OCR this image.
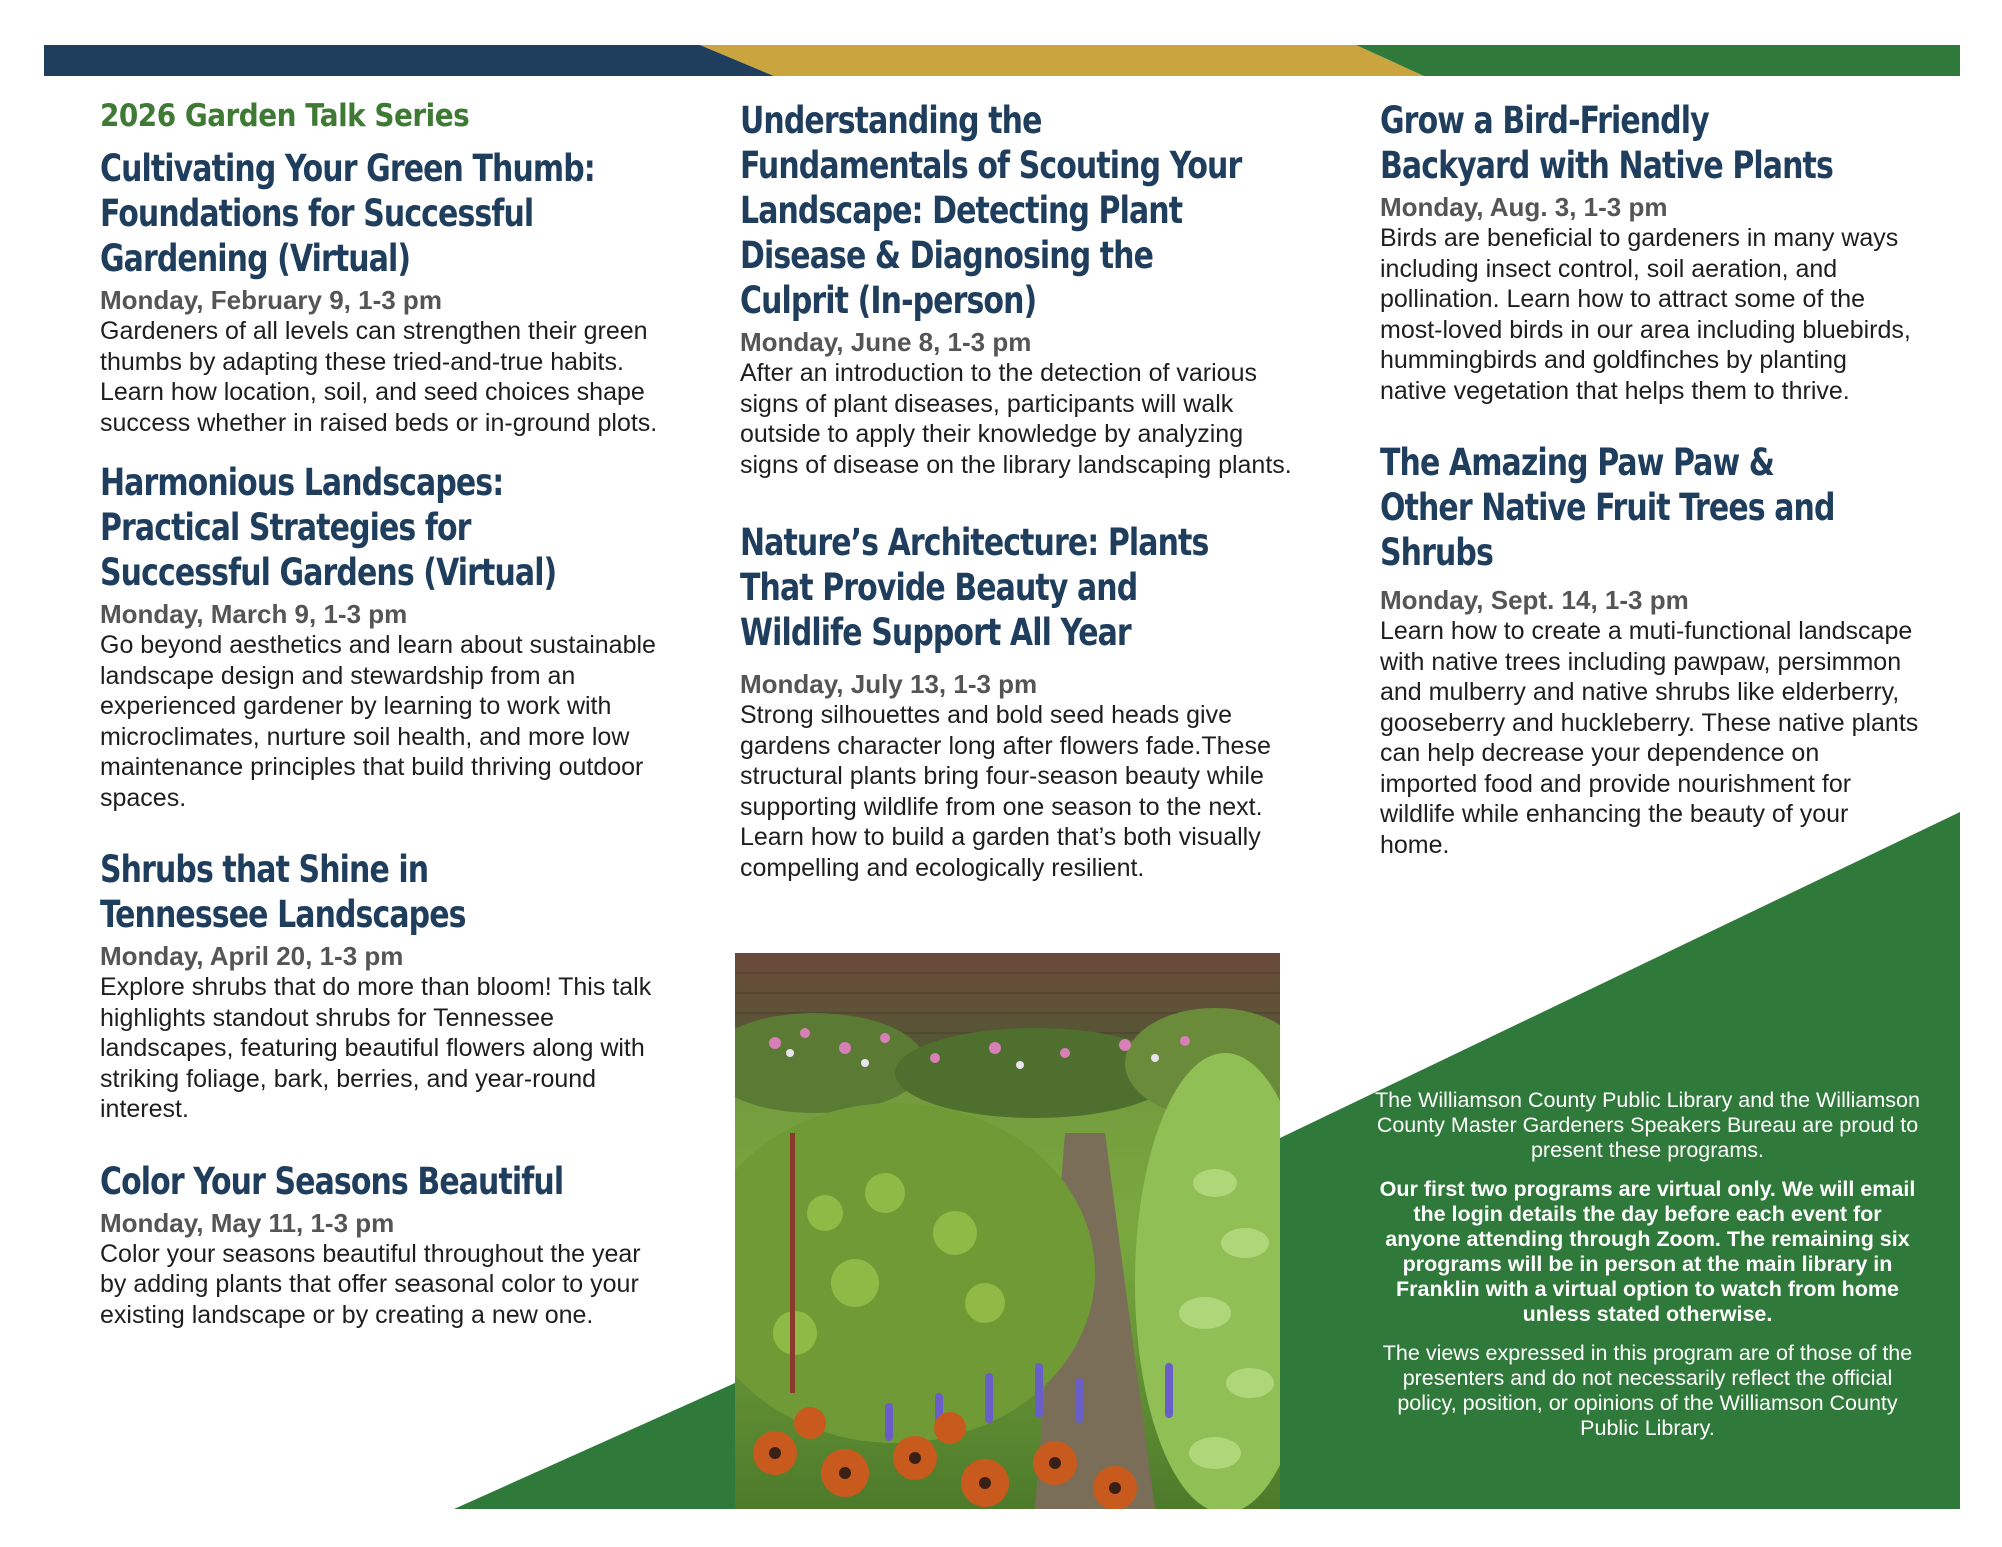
2026 Garden Talk Series
Cultivating Your Green Thumb: Foundations for Successful Gardening (Virtual)
Monday, February 9, 1-3 pm

Gardeners of all levels can strengthen their green thumbs by adapting these tried-and-true habits. Learn how location, soil, and seed choices shape success whether in raised beds or in-ground plots.

Harmonious Landscapes: Practical Strategies for Successful Gardens (Virtual)
Monday, March 9, 1-3 pm

Go beyond aesthetics and learn about sustainable landscape design and stewardship from an experienced gardener by learning to work with microclimates, nurture soil health, and more low maintenance principles that build thriving outdoor spaces.

Shrubs that Shine in Tennessee Landscapes
Monday, April 20, 1-3 pm

Explore shrubs that do more than bloom! This talk highlights standout shrubs for Tennessee landscapes, featuring beautiful flowers along with striking foliage, bark, berries, and year-round interest.

Color Your Seasons Beautiful
Monday, May 11, 1-3 pm

Color your seasons beautiful throughout the year by adding plants that offer seasonal color to your existing landscape or by creating a new one.

Understanding the Fundamentals of Scouting Your Landscape: Detecting Plant Disease & Diagnosing the Culprit (In-person)
Monday, June 8, 1-3 pm

After an introduction to the detection of various signs of plant diseases, participants will walk outside to apply their knowledge by analyzing signs of disease on the library landscaping plants.

Nature’s Architecture: Plants That Provide Beauty and Wildlife Support All Year
Monday, July 13, 1-3 pm

Strong silhouettes and bold seed heads give gardens character long after flowers fade.These structural plants bring four-season beauty while supporting wildlife from one season to the next. Learn how to build a garden that’s both visually compelling and ecologically resilient.

Grow a Bird-Friendly Backyard with Native Plants
Monday, Aug. 3, 1-3 pm

Birds are beneficial to gardeners in many ways including insect control, soil aeration, and pollination. Learn how to attract some of the most-loved birds in our area including bluebirds, hummingbirds and goldfinches by planting native vegetation that helps them to thrive.

The Amazing Paw Paw & Other Native Fruit Trees and Shrubs
Monday, Sept. 14, 1-3 pm

Learn how to create a muti-functional landscape with native trees including pawpaw, persimmon and mulberry and native shrubs like elderberry, gooseberry and huckleberry. These native plants can help decrease your dependence on imported food and provide nourishment for wildlife while enhancing the beauty of your home.

The Williamson County Public Library and the Williamson County Master Gardeners Speakers Bureau are proud to present these programs.

Our first two programs are virtual only. We will email the login details the day before each event for anyone attending through Zoom. The remaining six programs will be in person at the main library in Franklin with a virtual option to watch from home unless stated otherwise.

The views expressed in this program are of those of the presenters and do not necessarily reflect the official policy, position, or opinions of the Williamson County Public Library.
